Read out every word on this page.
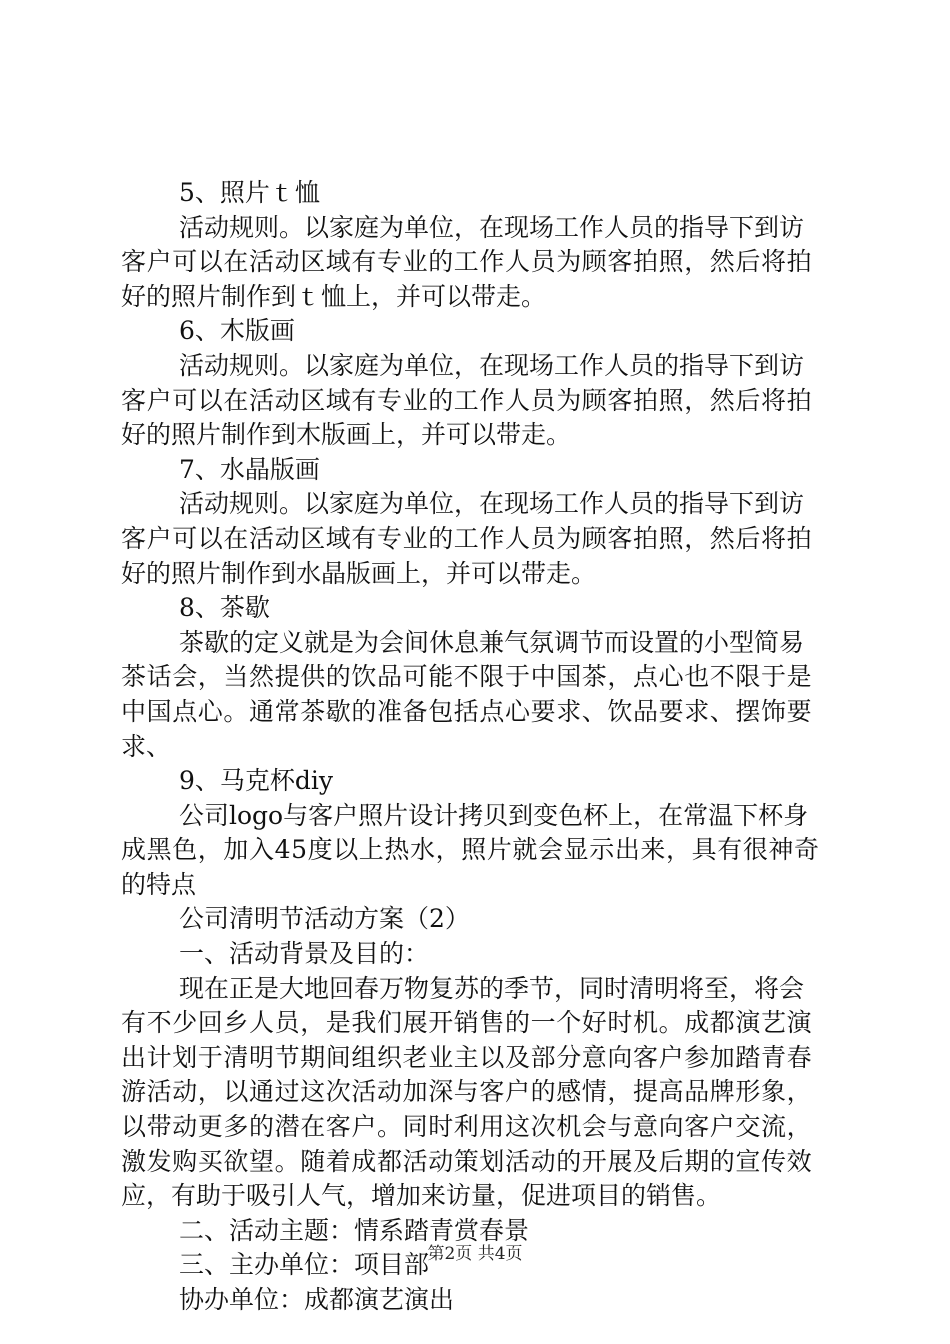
5、照片ｔ恤
活动规则。以家庭为单位，在现场工作人员的指导下到访
客户可以在活动区域有专业的工作人员为顾客拍照，然后将拍
好的照片制作到ｔ恤上，并可以带走。
6、木版画
活动规则。以家庭为单位，在现场工作人员的指导下到访
客户可以在活动区域有专业的工作人员为顾客拍照，然后将拍
好的照片制作到木版画上，并可以带走。
7、水晶版画
活动规则。以家庭为单位，在现场工作人员的指导下到访
客户可以在活动区域有专业的工作人员为顾客拍照，然后将拍
好的照片制作到水晶版画上，并可以带走。
8、茶歇
茶歇的定义就是为会间休息兼气氛调节而设置的小型简易
茶话会，当然提供的饮品可能不限于中国茶，点心也不限于是
中国点心。通常茶歇的准备包括点心要求、饮品要求、摆饰要
求、
9、马克杯diy
公司logo与客户照片设计拷贝到变色杯上，在常温下杯身
成黑色，加入45度以上热水，照片就会显示出来，具有很神奇
的特点
公司清明节活动方案（2）
一、活动背景及目的：
现在正是大地回春万物复苏的季节，同时清明将至，将会
有不少回乡人员，是我们展开销售的一个好时机。成都演艺演
出计划于清明节期间组织老业主以及部分意向客户参加踏青春
游活动，以通过这次活动加深与客户的感情，提高品牌形象，
以带动更多的潜在客户。同时利用这次机会与意向客户交流，
激发购买欲望。随着成都活动策划活动的开展及后期的宣传效
应，有助于吸引人气，增加来访量，促进项目的销售。
二、活动主题：情系踏青赏春景
三、主办单位：项目部
协办单位：成都演艺演出
第2页 共4页
